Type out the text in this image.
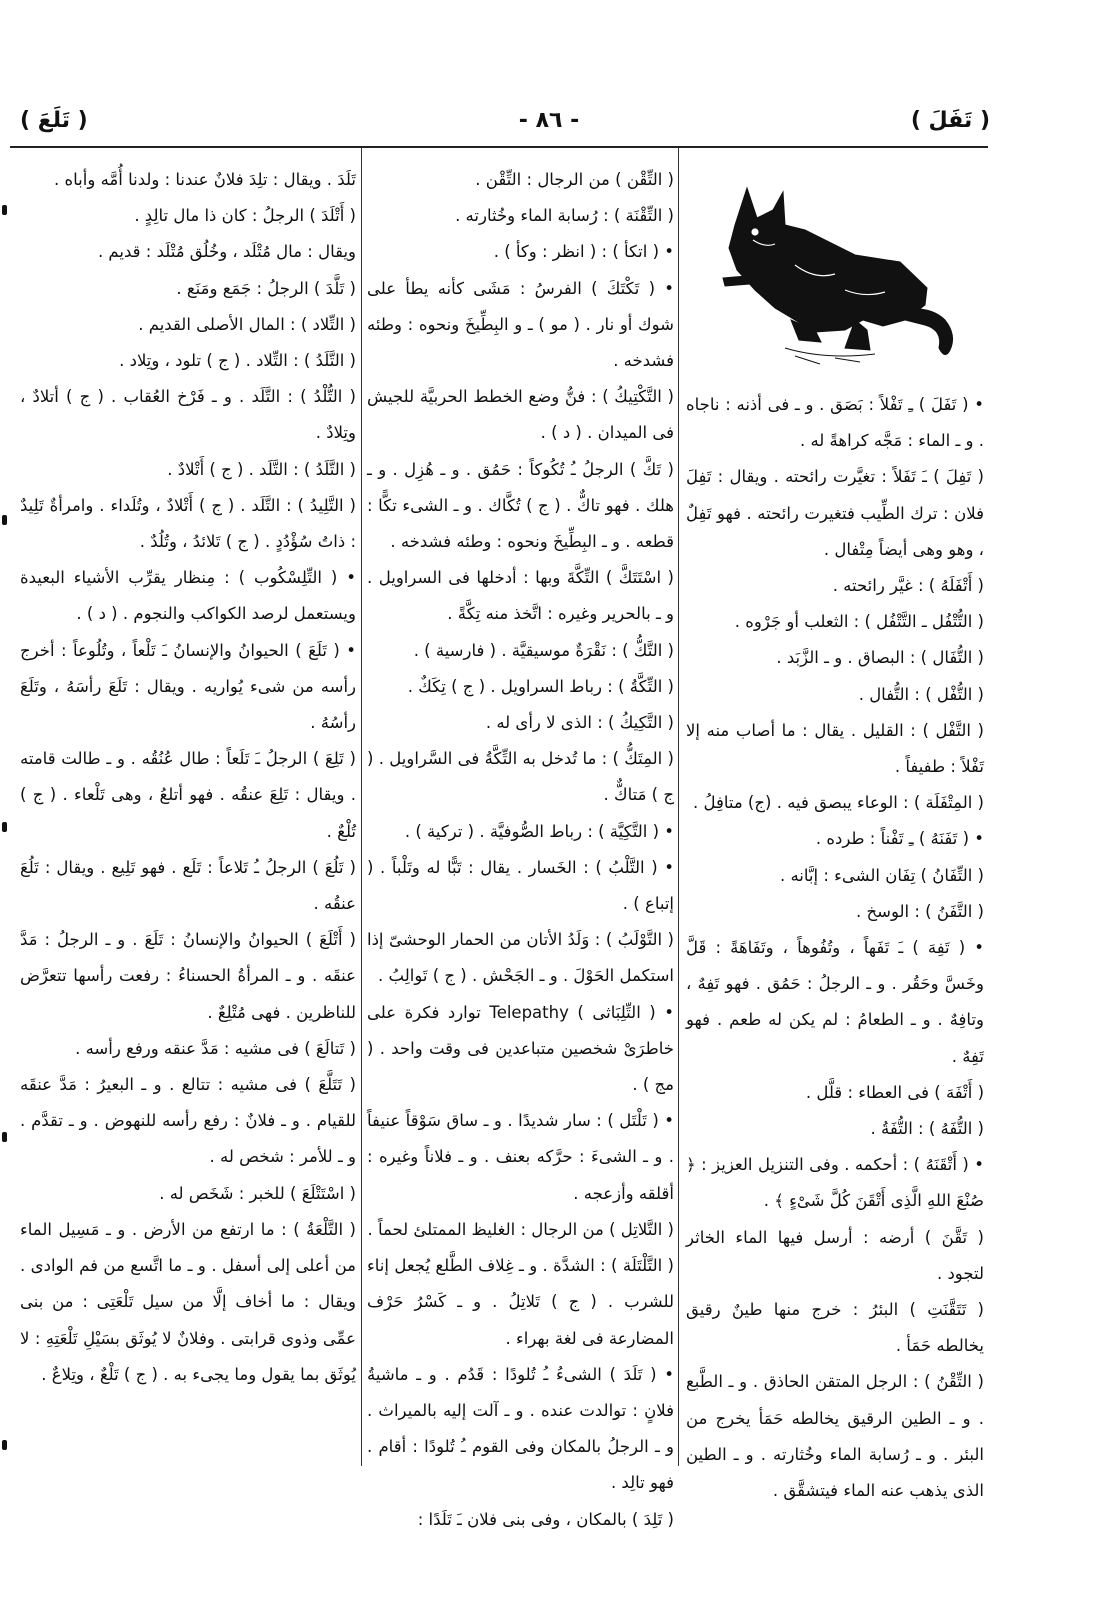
( تَفَلَ )
- ٨٦ -
( تَلَعَ )

• ( تَفَلَ ) ـِ تَفْلاً : بَصَق . و ـ فى أذنه : ناجاه . و ـ الماء : مَجَّه كراهةً له .

( تَفِلَ ) ـَ تَفَلاً : تغيَّرت رائحته . ويقال : تَفِلَ فلان : ترك الطِّيب فتغيرت رائحته . فهو تَفِلٌ ، وهو وهى أيضاً مِتْفال .

( أَتْفَلَهُ ) : غيَّر رائحته .

( التُّتْفُل ـ التَّتْفُل ) : الثعلب أو جَرْوه .

( التُّفَال ) : البصاق . و ـ الزَّبَد .

( التُّفْل ) : التُّفال .

( التَّفْل ) : القليل . يقال : ما أصاب منه إلا تَفْلاً : طفيفاً .

( المِتْفَلَة ) : الوعاء يبصق فيه . (ج) متافِلُ .

• ( تَفَنَهُ ) ـِ تَفْناً : طرده .

( التِّفَانُ ) تِفَان الشىء : إبَّانه .

( التَّفَنُ ) : الوسخ .

• ( تَفِهَ ) ـَ تَفَهاً ، وتُفُوهاً ، وتَفَاهَةً : قَلَّ وخَسَّ وحَقُر . و ـ الرجلُ : حَمُق . فهو تَفِهٌ ، وتافِهٌ . و ـ الطعامُ : لم يكن له طعم . فهو تَفِهٌ .

( أَتْفَهَ ) فى العطاء : قلَّل .

( التُّفَهُ ) : التُّفَةُ .

• ( أَتْقَنَهُ ) : أحكمه . وفى التنزيل العزيز : ﴿ صُنْعَ اللهِ الَّذِى أَتْقَنَ كُلَّ شَىْءٍ ﴾ .

( تَقَّنَ ) أرضه : أرسل فيها الماء الخاثر لتجود .

( تَتَقَّنَتِ ) البئرُ : خرج منها طينٌ رقيق يخالطه حَمَأ .

( التِّقْنُ ) : الرجل المتقن الحاذق . و ـ الطَّبع . و ـ الطين الرقيق يخالطه حَمَأ يخرج من البئر . و ـ رُسابة الماء وخُثارته . و ـ الطين الذى يذهب عنه الماء فيتشقَّق .

( التِّقْن ) من الرجال : التِّقْن .

( التِّقْنَة ) : رُسابة الماء وخُثارته .

• ( اتكأ ) : ( انظر : وكأ ) .

• ( تَكْتَكَ ) الفرسُ : مَشَى كأنه يطأ على شوك أو نار . ( مو ) ـ و البِطِّيخَ ونحوه : وطئه فشدخه .

( التَّكْتِيكُ ) : فنُّ وضع الخطط الحربيَّة للجيش فى الميدان . ( د ) .

( تَكَّ ) الرجلُ ـُ تُكُوكاً : حَمُق . و ـ هُزِل . و ـ هلك . فهو تاكٌّ . ( ج ) تُكَّاك . و ـ الشىء تكًّا : قطعه . و ـ البِطِّيخَ ونحوه : وطئه فشدخه .

( اسْتَتَكَّ ) التِّكَّةَ وبها : أدخلها فى السراويل . و ـ بالحرير وغيره : اتَّخذ منه تِكَّةً .

( التَّكُّ ) : نَقْرَةٌ موسيقيَّة . ( فارسية ) .

( التِّكَّةُ ) : رباط السراويل . ( ج ) تِكَكٌ .

( التَّكِيكُ ) : الذى لا رأى له .

( المِتَكُّ ) : ما تُدخل به التِّكَّةُ فى السَّراويل . ( ج ) مَتاكٌّ .

• ( التَّكِيَّة ) : رباط الصُّوفيَّة . ( تركية ) .

• ( التَّلْبُ ) : الخَسار . يقال : تَبًّا له وتَلْباً . ( إتباع ) .

( التَّوْلَبُ ) : وَلَدُ الأتان من الحمار الوحشىّ إذا استكمل الحَوْلَ . و ـ الجَحْش . ( ج ) تَوالِبُ .

• ( التِّلِبَاثى ) Telepathy توارد فكرة على خاطرَىْ شخصين متباعدين فى وقت واحد . ( مج ) .

• ( تَلْتَل ) : سار شديدًا . و ـ ساق سَوْقاً عنيفاً . و ـ الشىءَ : حرَّكه بعنف . و ـ فلاناً وغيره : أقلقه وأزعجه .

( التَّلاتِل ) من الرجال : الغليظ الممتلئ لحماً .

( التَّلْتَلَة ) : الشدَّة . و ـ غِلاف الطَّلع يُجعل إناء للشرب . ( ج ) تَلاتِلُ . و ـ كَسْرُ حَرْف المضارعة فى لغة بهراء .

• ( تَلَدَ ) الشىءُ ـُ تُلودًا : قَدُم . و ـ ماشيةُ فلانٍ : توالدت عنده . و ـ آلت إليه بالميراث . و ـ الرجلُ بالمكان وفى القوم ـُ تُلودًا : أقام . فهو تالِد .

( تَلِدَ ) بالمكان ، وفى بنى فلان ـَ تَلَدًا :

تَلَدَ . ويقال : تلِدَ فلانٌ عندنا : ولدنا أُمَّه وأباه .

( أَتْلَدَ ) الرجلُ : كان ذا مال تالِدٍ .

ويقال : مال مُتْلَد ، وخُلُق مُتْلَد : قديم .

( تَلَّدَ ) الرجلُ : جَمَع ومَنَع .

( التِّلاد ) : المال الأصلى القديم .

( التَّلَدُ ) : التِّلاد . ( ج ) تلود ، وتِلاد .

( التُّلْدُ ) : التَّلَد . و ـ فَرْخ العُقاب . ( ج ) أتلادٌ ، وتِلادٌ .

( التَّلَدُ ) : التَّلَد . ( ج ) أَتْلادٌ .

( التَّلِيدُ ) : التَّلَد . ( ج ) أَتْلادٌ ، وتُلَداء . وامرأةٌ تَلِيدٌ : ذاتُ سُؤْدُدٍ . ( ج ) تَلائدُ ، وتُلُدٌ .

• ( التِّلِسْكُوب ) : مِنظار يقرِّب الأشياء البعيدة ويستعمل لرصد الكواكب والنجوم . ( د ) .

• ( تَلَعَ ) الحيوانُ والإنسانُ ـَ تَلْعاً ، وتُلُوعاً : أخرج رأسه من شىء يُواريه . ويقال : تَلَعَ رأسَهُ ، وتَلَعَ رأسُهُ .

( تَلِعَ ) الرجلُ ـَ تَلَعاً : طال عُنُقُه . و ـ طالت قامته . ويقال : تَلِعَ عنقُه . فهو أتلعُ ، وهى تَلْعاء . ( ج ) تُلْعٌ .

( تَلُعَ ) الرجلُ ـُ تَلاعاً : تَلَع . فهو تَلِيع . ويقال : تَلُعَ عنقُه .

( أَتْلَعَ ) الحيوانُ والإنسانُ : تَلَعَ . و ـ الرجلُ : مَدَّ عنقَه . و ـ المرأةُ الحسناءُ : رفعت رأسها تتعرَّض للناظرين . فهى مُتْلِعٌ .

( تَتالَعَ ) فى مشيه : مَدَّ عنقه ورفع رأسه .

( تَتَلَّعَ ) فى مشيه : تتالع . و ـ البعيرُ : مَدَّ عنقَه للقيام . و ـ فلانٌ : رفع رأسه للنهوض . و ـ تقدَّم . و ـ للأمر : شخص له .

( اسْتَتْلَعَ ) للخبر : شَخَص له .

( التَّلْعَةُ ) : ما ارتفع من الأرض . و ـ مَسِيل الماء من أعلى إلى أسفل . و ـ ما اتَّسع من فم الوادى . ويقال : ما أخاف إلَّا من سيل تَلْعَتِى : من بنى عمِّى وذوى قرابتى . وفلانٌ لا يُوثَق بسَيْلِ تَلْعَتِهِ : لا يُوثَق بما يقول وما يجىء به . ( ج ) تَلْعٌ ، وتِلاعٌ .
